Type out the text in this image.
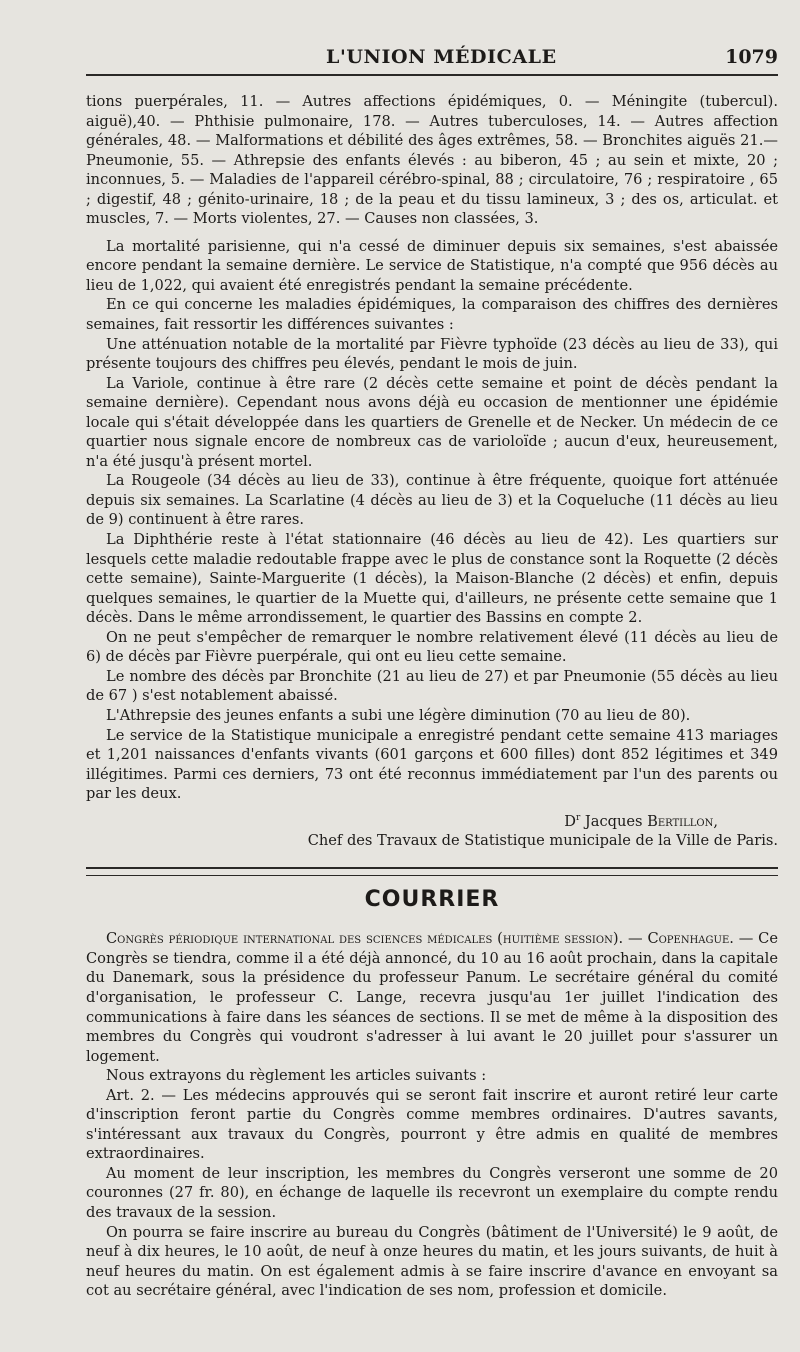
L'UNION MÉDICALE	1079

tions puerpérales, 11. — Autres affections épidémiques, 0. — Méningite (tubercul). aiguë),40. — Phthisie pulmonaire, 178. — Autres tuberculoses, 14. — Autres affection générales, 48. — Malformations et débilité des âges extrêmes, 58. — Bronchites aiguës 21.— Pneumonie, 55. — Athrepsie des enfants élevés : au biberon, 45 ; au sein et mixte, 20 ; inconnues, 5. — Maladies de l'appareil cérébro-spinal, 88 ; circulatoire, 76 ; respiratoire , 65 ; digestif, 48 ; génito-urinaire, 18 ; de la peau et du tissu lamineux, 3 ; des os, articulat. et muscles, 7. — Morts violentes, 27. — Causes non classées, 3.

La mortalité parisienne, qui n'a cessé de diminuer depuis six semaines, s'est abaissée encore pendant la semaine dernière. Le service de Statistique, n'a compté que 956 décès au lieu de 1,022, qui avaient été enregistrés pendant la semaine précédente.

En ce qui concerne les maladies épidémiques, la comparaison des chiffres des dernières semaines, fait ressortir les différences suivantes :

Une atténuation notable de la mortalité par Fièvre typhoïde (23 décès au lieu de 33), qui présente toujours des chiffres peu élevés, pendant le mois de juin.

La Variole, continue à être rare (2 décès cette semaine et point de décès pendant la semaine dernière). Cependant nous avons déjà eu occasion de mentionner une épidémie locale qui s'était développée dans les quartiers de Grenelle et de Necker. Un médecin de ce quartier nous signale encore de nombreux cas de varioloïde ; aucun d'eux, heureusement, n'a été jusqu'à présent mortel.

La Rougeole (34 décès au lieu de 33), continue à être fréquente, quoique fort atténuée depuis six semaines. La Scarlatine (4 décès au lieu de 3) et la Coqueluche (11 décès au lieu de 9) continuent à être rares.

La Diphthérie reste à l'état stationnaire (46 décès au lieu de 42). Les quartiers sur lesquels cette maladie redoutable frappe avec le plus de constance sont la Roquette (2 décès cette semaine), Sainte-Marguerite (1 décès), la Maison-Blanche (2 décès) et enfin, depuis quelques semaines, le quartier de la Muette qui, d'ailleurs, ne présente cette semaine que 1 décès. Dans le même arrondissement, le quartier des Bassins en compte 2.

On ne peut s'empêcher de remarquer le nombre relativement élevé (11 décès au lieu de 6) de décès par Fièvre puerpérale, qui ont eu lieu cette semaine.

Le nombre des décès par Bronchite (21 au lieu de 27) et par Pneumonie (55 décès au lieu de 67 ) s'est notablement abaissé.

L'Athrepsie des jeunes enfants a subi une légère diminution (70 au lieu de 80).

Le service de la Statistique municipale a enregistré pendant cette semaine 413 mariages et 1,201 naissances d'enfants vivants (601 garçons et 600 filles) dont 852 légitimes et 349 illégitimes. Parmi ces derniers, 73 ont été reconnus immédiatement par l'un des parents ou par les deux.

$D^r$ Jacques Bertillon,
Chef des Travaux de Statistique municipale de la Ville de Paris.
COURRIER

Congrès périodique international des sciences médicales (huitième session). — Copenhague. — Ce Congrès se tiendra, comme il a été déjà annoncé, du 10 au 16 août prochain, dans la capitale du Danemark, sous la présidence du professeur Panum. Le secrétaire général du comité d'organisation, le professeur C. Lange, recevra jusqu'au 1er juillet l'indication des communications à faire dans les séances de sections. Il se met de même à la disposition des membres du Congrès qui voudront s'adresser à lui avant le 20 juillet pour s'assurer un logement.

Nous extrayons du règlement les articles suivants :

Art. 2. — Les médecins approuvés qui se seront fait inscrire et auront retiré leur carte d'inscription feront partie du Congrès comme membres ordinaires. D'autres savants, s'intéressant aux travaux du Congrès, pourront y être admis en qualité de membres extraordinaires.

Au moment de leur inscription, les membres du Congrès verseront une somme de 20 couronnes (27 fr. 80), en échange de laquelle ils recevront un exemplaire du compte rendu des travaux de la session.

On pourra se faire inscrire au bureau du Congrès (bâtiment de l'Université) le 9 août, de neuf à dix heures, le 10 août, de neuf à onze heures du matin, et les jours suivants, de huit à neuf heures du matin. On est également admis à se faire inscrire d'avance en envoyant sa cot au secrétaire général, avec l'indication de ses nom, profession et domicile.
